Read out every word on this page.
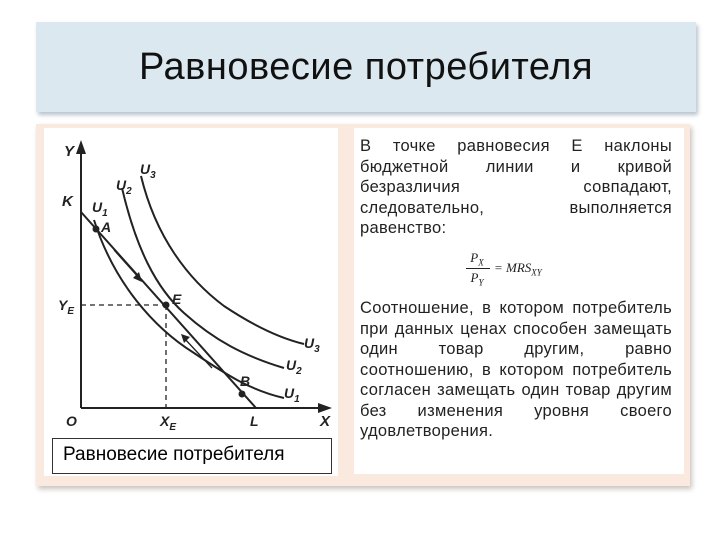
Равновесие потребителя
Y
X
O
K
L
$Y_E$
$X_E$
A
E
B
$U_1$
$U_2$
$U_3$
$U_3$
$U_2$
$U_1$
Равновесие потребителя
В точке равновесия Е наклоны бюджетной линии и кривой безразличия совпадают, следовательно, выполняется равенство:
$P_X$
$P_Y$
= $MRS_{XY}$
Соотношение, в котором потребитель при данных ценах способен замещать один товар другим, равно соотношению, в котором потребитель согласен замещать один товар другим без изменения уровня своего удовлетворения.
